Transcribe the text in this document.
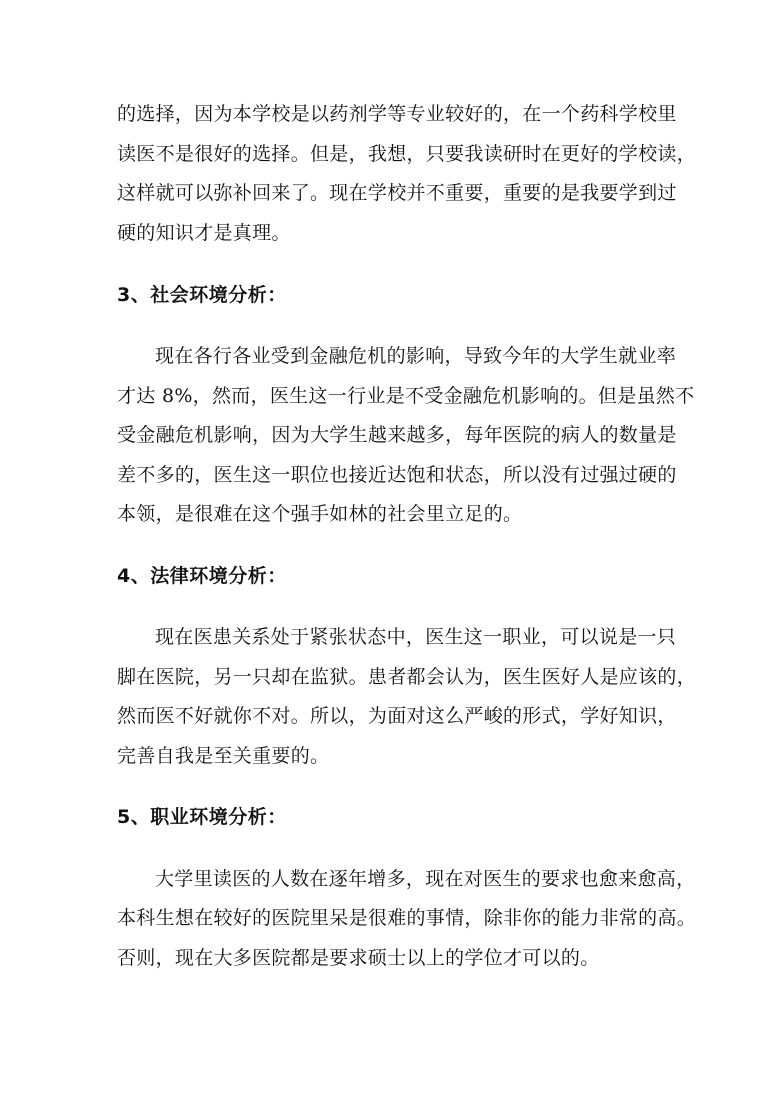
的选择，因为本学校是以药剂学等专业较好的，在一个药科学校里
读医不是很好的选择。但是，我想，只要我读研时在更好的学校读，
这样就可以弥补回来了。现在学校并不重要，重要的是我要学到过
硬的知识才是真理。
3、社会环境分析：
现在各行各业受到金融危机的影响，导致今年的大学生就业率
才达 8%，然而，医生这一行业是不受金融危机影响的。但是虽然不
受金融危机影响，因为大学生越来越多，每年医院的病人的数量是
差不多的，医生这一职位也接近达饱和状态，所以没有过强过硬的
本领，是很难在这个强手如林的社会里立足的。
4、法律环境分析：
现在医患关系处于紧张状态中，医生这一职业，可以说是一只
脚在医院，另一只却在监狱。患者都会认为，医生医好人是应该的，
然而医不好就你不对。所以，为面对这么严峻的形式，学好知识，
完善自我是至关重要的。
5、职业环境分析：
大学里读医的人数在逐年增多，现在对医生的要求也愈来愈高，
本科生想在较好的医院里呆是很难的事情，除非你的能力非常的高。
否则，现在大多医院都是要求硕士以上的学位才可以的。
